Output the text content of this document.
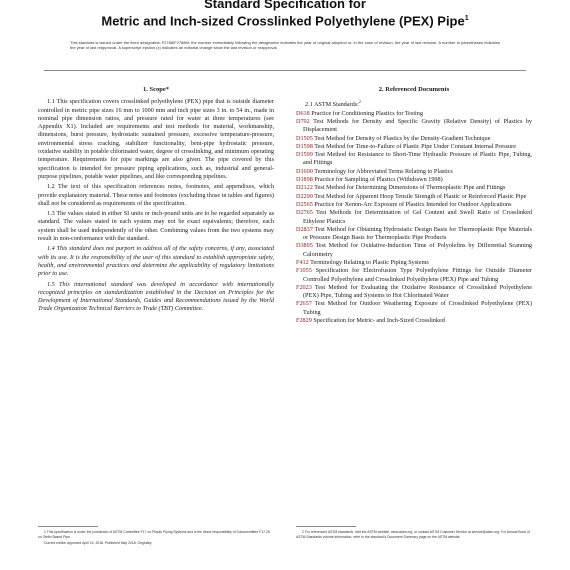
Standard Specification for
Metric and Inch-sized Crosslinked Polyethylene (PEX) Pipe$^1$
This standard is issued under the fixed designation F2788/F2788M; the number immediately following the designation indicates the year of original adoption or, in the case of revision, the year of last revision. A number in parentheses indicates the year of last reapproval. A superscript epsilon (ε) indicates an editorial change since the last revision or reapproval.
1. Scope*

1.1 This specification covers crosslinked polyethylene (PEX) pipe that is outside diameter controlled in metric pipe sizes 16 mm to 1000 mm and inch pipe sizes 3 in. to 54 in., made in nominal pipe dimension ratios, and pressure rated for water at three temperatures (see Appendix X1). Included are requirements and test methods for material, workmanship, dimensions, burst pressure, hydrostatic sustained pressure, excessive temperature-pressure, environmental stress cracking, stabilizer functionality, bent-pipe hydrostatic pressure, oxidative stability in potable chlorinated water, degree of crosslinking, and minimum operating temperature. Requirements for pipe markings are also given. The pipe covered by this specification is intended for pressure piping applications, such as, industrial and general-purpose pipelines, potable water pipelines, and like corresponding pipelines.

1.2 The text of this specification references notes, footnotes, and appendixes, which provide explanatory material. These notes and footnotes (excluding those in tables and figures) shall not be considered as requirements of the specification.

1.3 The values stated in either SI units or inch-pound units are to be regarded separately as standard. The values stated in each system may not be exact equivalents; therefore, each system shall be used independently of the other. Combining values from the two systems may result in non-conformance with the standard.

1.4 This standard does not purport to address all of the safety concerns, if any, associated with its use. It is the responsibility of the user of this standard to establish appropriate safety, health, and environmental practices and determine the applicability of regulatory limitations prior to use.

1.5 This international standard was developed in accordance with internationally recognized principles on standardization established in the Decision on Principles for the Development of International Standards, Guides and Recommendations issued by the World Trade Organization Technical Barriers to Trade (TBT) Committee.

2. Referenced Documents

2.1 ASTM Standards:$^2$

D618 Practice for Conditioning Plastics for Testing

D792 Test Methods for Density and Specific Gravity (Relative Density) of Plastics by Displacement

D1505 Test Method for Density of Plastics by the Density-Gradient Technique

D1598 Test Method for Time-to-Failure of Plastic Pipe Under Constant Internal Pressure

D1599 Test Method for Resistance to Short-Time Hydraulic Pressure of Plastic Pipe, Tubing, and Fittings

D1600 Terminology for Abbreviated Terms Relating to Plastics

D1898 Practice for Sampling of Plastics (Withdrawn 1998)

D2122 Test Method for Determining Dimensions of Thermoplastic Pipe and Fittings

D2290 Test Method for Apparent Hoop Tensile Strength of Plastic or Reinforced Plastic Pipe

D2565 Practice for Xenon-Arc Exposure of Plastics Intended for Outdoor Applications

D2765 Test Methods for Determination of Gel Content and Swell Ratio of Crosslinked Ethylene Plastics

D2837 Test Method for Obtaining Hydrostatic Design Basis for Thermoplastic Pipe Materials or Pressure Design Basis for Thermoplastic Pipe Products

D3895 Test Method for Oxidative-Induction Time of Polyolefins by Differential Scanning Calorimetry

F412 Terminology Relating to Plastic Piping Systems

F1055 Specification for Electrofusion Type Polyethylene Fittings for Outside Diameter Controlled Polyethylene and Crosslinked Polyethylene (PEX) Pipe and Tubing

F2023 Test Method for Evaluating the Oxidative Resistance of Crosslinked Polyethylene (PEX) Pipe, Tubing and Systems to Hot Chlorinated Water

F2657 Test Method for Outdoor Weathering Exposure of Crosslinked Polyethylene (PEX) Tubing

F2829 Specification for Metric- and Inch-Sized Crosslinked

1 This specification is under the jurisdiction of ASTM Committee F17 on Plastic Piping Systems and is the direct responsibility of Subcommittee F17.26 on Olefin Based Pipe.

Current edition approved April 15, 2018. Published May 2018. Originally

2 For referenced ASTM standards, visit the ASTM website, www.astm.org, or contact ASTM Customer Service at service@astm.org. For Annual Book of ASTM Standards volume information, refer to the standard's Document Summary page on the ASTM website.
